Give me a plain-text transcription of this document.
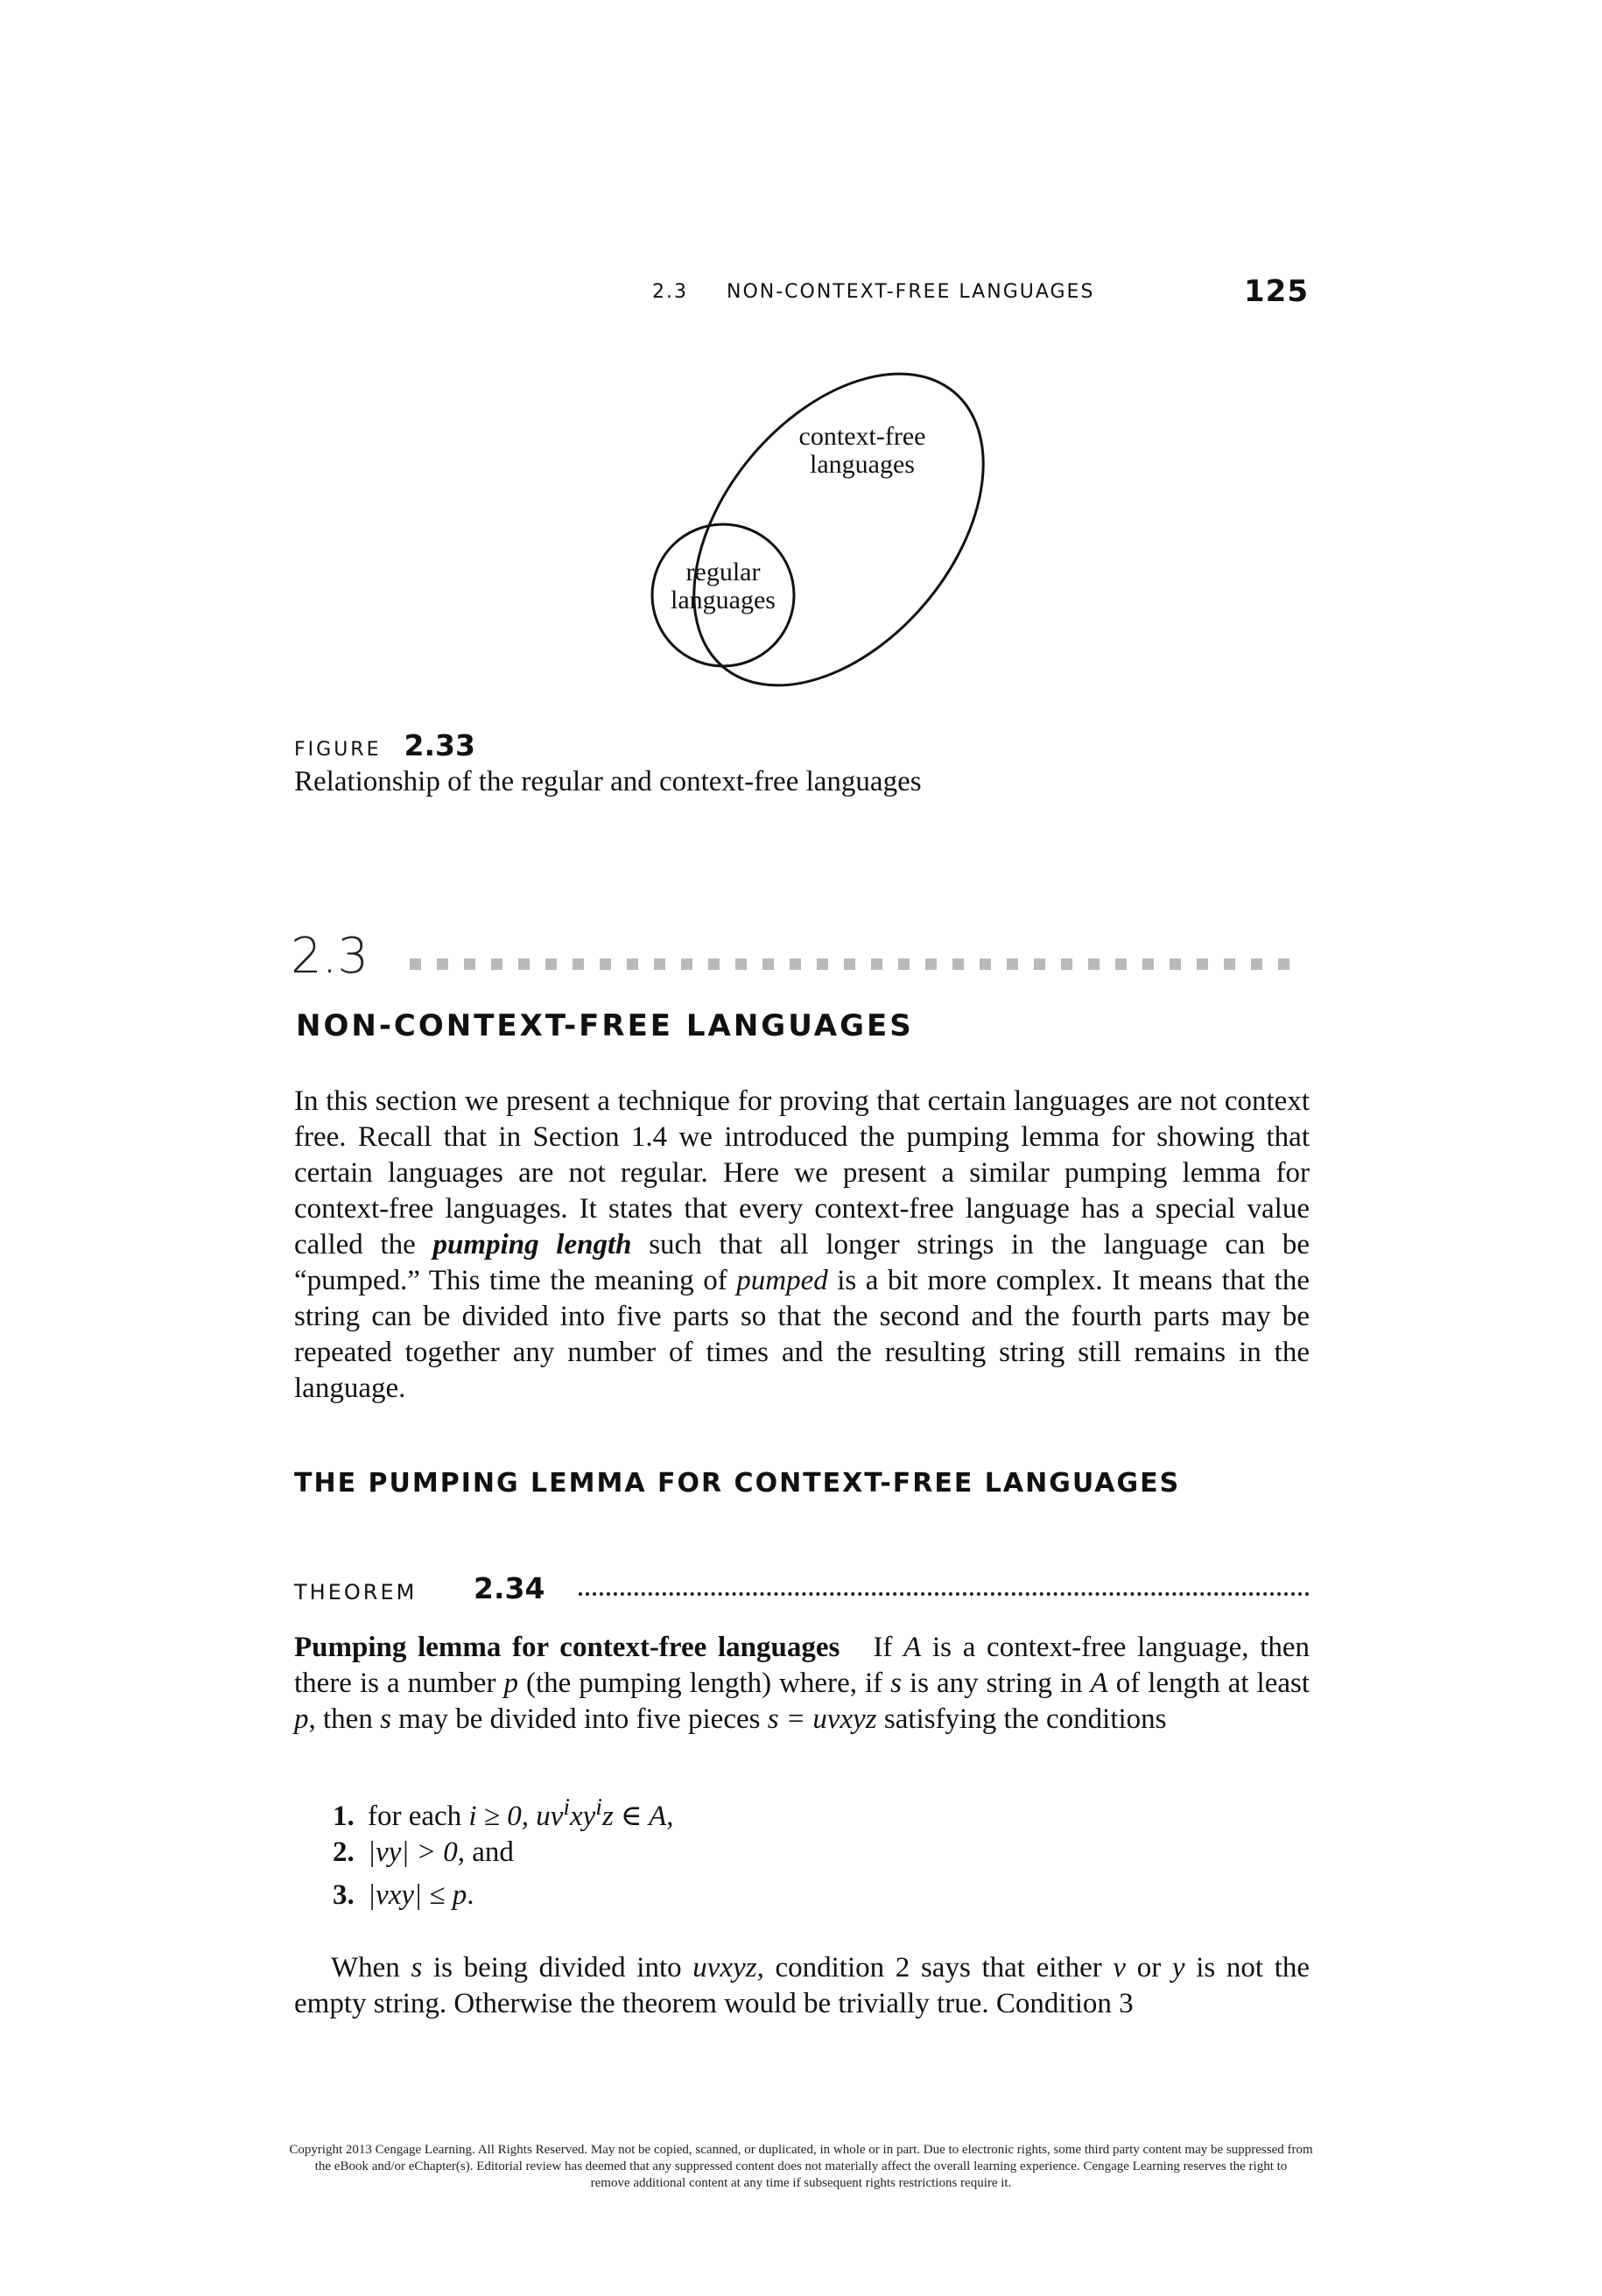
2.3 NON-CONTEXT-FREE LANGUAGES	125
context-free
languages
regular
languages
FIGURE 2.33
Relationship of the regular and context-free languages
2.3
NON-CONTEXT-FREE LANGUAGES
In this section we present a technique for proving that certain languages are not context free. Recall that in Section 1.4 we introduced the pumping lemma for showing that certain languages are not regular. Here we present a similar pumping lemma for context-free languages. It states that every context-free language has a special value called the pumping length such that all longer strings in the language can be “pumped.” This time the meaning of pumped is a bit more complex. It means that the string can be divided into five parts so that the second and the fourth parts may be repeated together any number of times and the resulting string still remains in the language.
THE PUMPING LEMMA FOR CONTEXT-FREE LANGUAGES
THEOREM 2.34
Pumping lemma for context-free languages If A is a context-free language, then there is a number p (the pumping length) where, if s is any string in A of length at least p, then s may be divided into five pieces s = uvxyz satisfying the conditions
1. for each i ≥ 0, $uv^ixy^iz$ ∈ A,
2. |vy| > 0, and
3. |vxy| ≤ p.
When s is being divided into uvxyz, condition 2 says that either v or y is not the empty string. Otherwise the theorem would be trivially true. Condition 3
Copyright 2013 Cengage Learning. All Rights Reserved. May not be copied, scanned, or duplicated, in whole or in part. Due to electronic rights, some third party content may be suppressed from
the eBook and/or eChapter(s). Editorial review has deemed that any suppressed content does not materially affect the overall learning experience. Cengage Learning reserves the right to
remove additional content at any time if subsequent rights restrictions require it.
